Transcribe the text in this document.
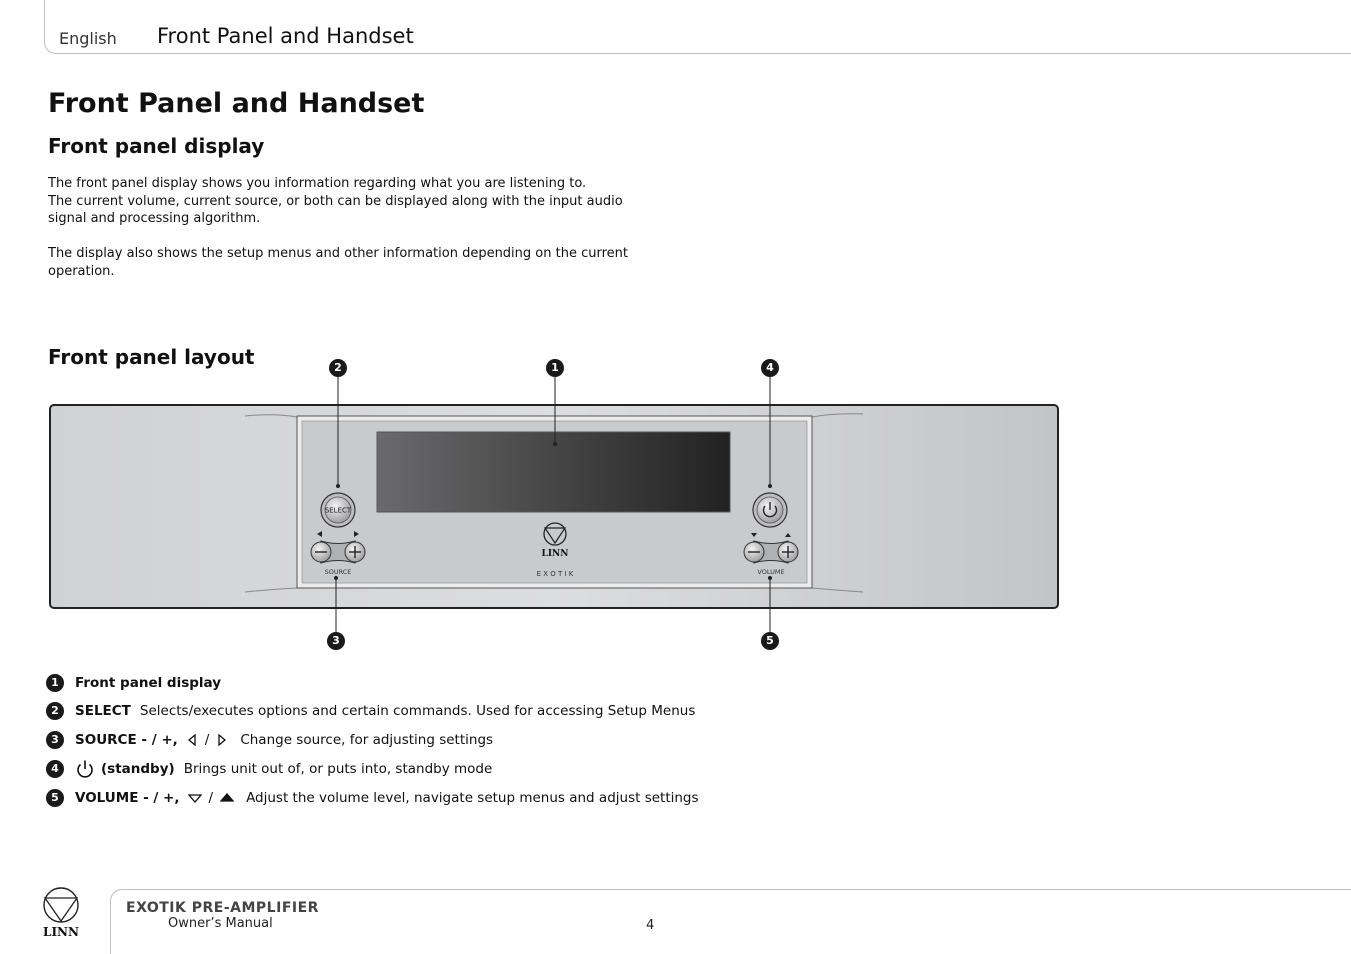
English Front Panel and Handset
Front Panel and Handset
Front panel display

The front panel display shows you information regarding what you are listening to.
The current volume, current source, or both can be displayed along with the input audio
signal and processing algorithm.

The display also shows the setup menus and other information depending on the current
operation.

Front panel layout
SELECT
SOURCE
LINN
E X O T I K	VOLUME
2	1	4
3	5
1	Front panel display
2	SELECT Selects/executes options and certain commands. Used for accessing Setup Menus
3	SOURCE - / +, / Change source, for adjusting settings
4	(standby) Brings unit out of, or puts into, standby mode
5	VOLUME - / +, / Adjust the volume level, navigate setup menus and adjust settings
LINN
EXOTIK PRE-AMPLIFIER
Owner’s Manual	4
